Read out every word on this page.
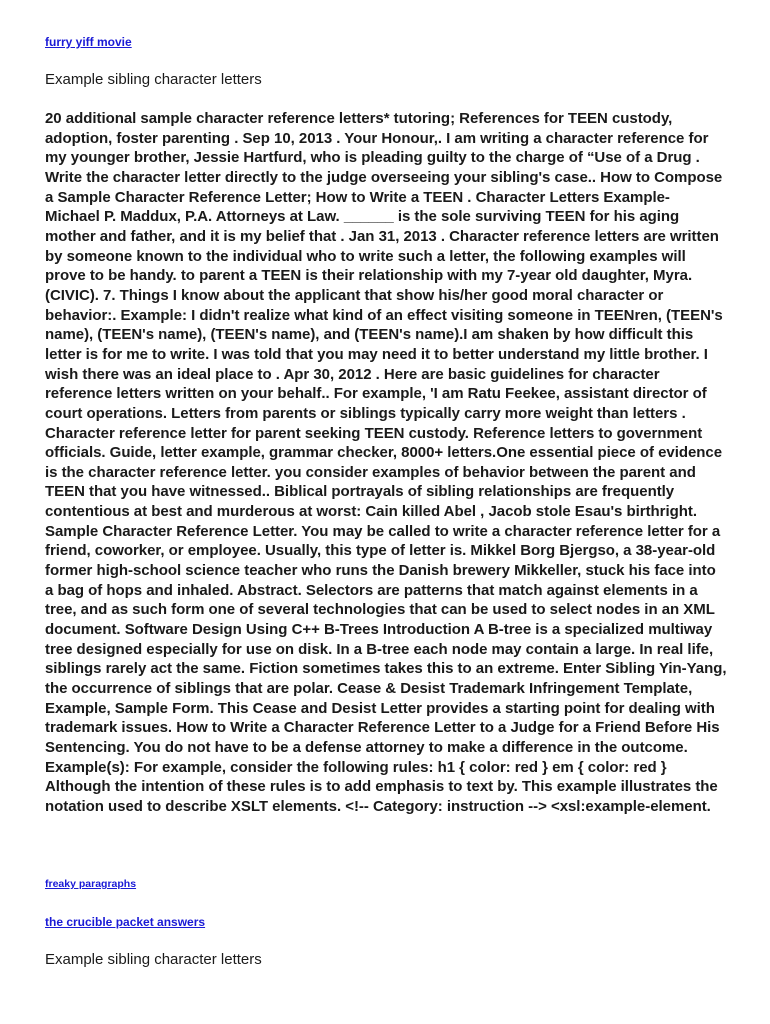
furry yiff movie
Example sibling character letters

20 additional sample character reference letters* tutoring; References for TEEN custody, adoption, foster parenting . Sep 10, 2013 . Your Honour,. I am writing a character reference for my younger brother, Jessie Hartfurd, who is pleading guilty to the charge of “Use of a Drug . Write the character letter directly to the judge overseeing your sibling's case.. How to Compose a Sample Character Reference Letter; How to Write a TEEN . Character Letters Example- Michael P. Maddux, P.A. Attorneys at Law. ______ is the sole surviving TEEN for his aging mother and father, and it is my belief that . Jan 31, 2013 . Character reference letters are written by someone known to the individual who to write such a letter, the following examples will prove to be handy. to parent a TEEN is their relationship with my 7-year old daughter, Myra.(CIVIC). 7. Things I know about the applicant that show his/her good moral character or behavior:. Example: I didn't realize what kind of an effect visiting someone in TEENren, (TEEN's name), (TEEN's name), (TEEN's name), and (TEEN's name).I am shaken by how difficult this letter is for me to write. I was told that you may need it to better understand my little brother. I wish there was an ideal place to . Apr 30, 2012 . Here are basic guidelines for character reference letters written on your behalf.. For example, 'I am Ratu Feekee, assistant director of court operations. Letters from parents or siblings typically carry more weight than letters . Character reference letter for parent seeking TEEN custody. Reference letters to government officials. Guide, letter example, grammar checker, 8000+ letters.One essential piece of evidence is the character reference letter. you consider examples of behavior between the parent and TEEN that you have witnessed.. Biblical portrayals of sibling relationships are frequently contentious at best and murderous at worst: Cain killed Abel , Jacob stole Esau's birthright. Sample Character Reference Letter. You may be called to write a character reference letter for a friend, coworker, or employee. Usually, this type of letter is. Mikkel Borg Bjergso, a 38-year-old former high-school science teacher who runs the Danish brewery Mikkeller, stuck his face into a bag of hops and inhaled. Abstract. Selectors are patterns that match against elements in a tree, and as such form one of several technologies that can be used to select nodes in an XML document. Software Design Using C++ B-Trees Introduction A B-tree is a specialized multiway tree designed especially for use on disk. In a B-tree each node may contain a large. In real life, siblings rarely act the same. Fiction sometimes takes this to an extreme. Enter Sibling Yin-Yang, the occurrence of siblings that are polar. Cease & Desist Trademark Infringement Template, Example, Sample Form. This Cease and Desist Letter provides a starting point for dealing with trademark issues. How to Write a Character Reference Letter to a Judge for a Friend Before His Sentencing. You do not have to be a defense attorney to make a difference in the outcome. Example(s): For example, consider the following rules: h1 { color: red } em { color: red } Although the intention of these rules is to add emphasis to text by. This example illustrates the notation used to describe XSLT elements. <!-- Category: instruction --> <xsl:example-element.

freaky paragraphs
the crucible packet answers
Example sibling character letters
